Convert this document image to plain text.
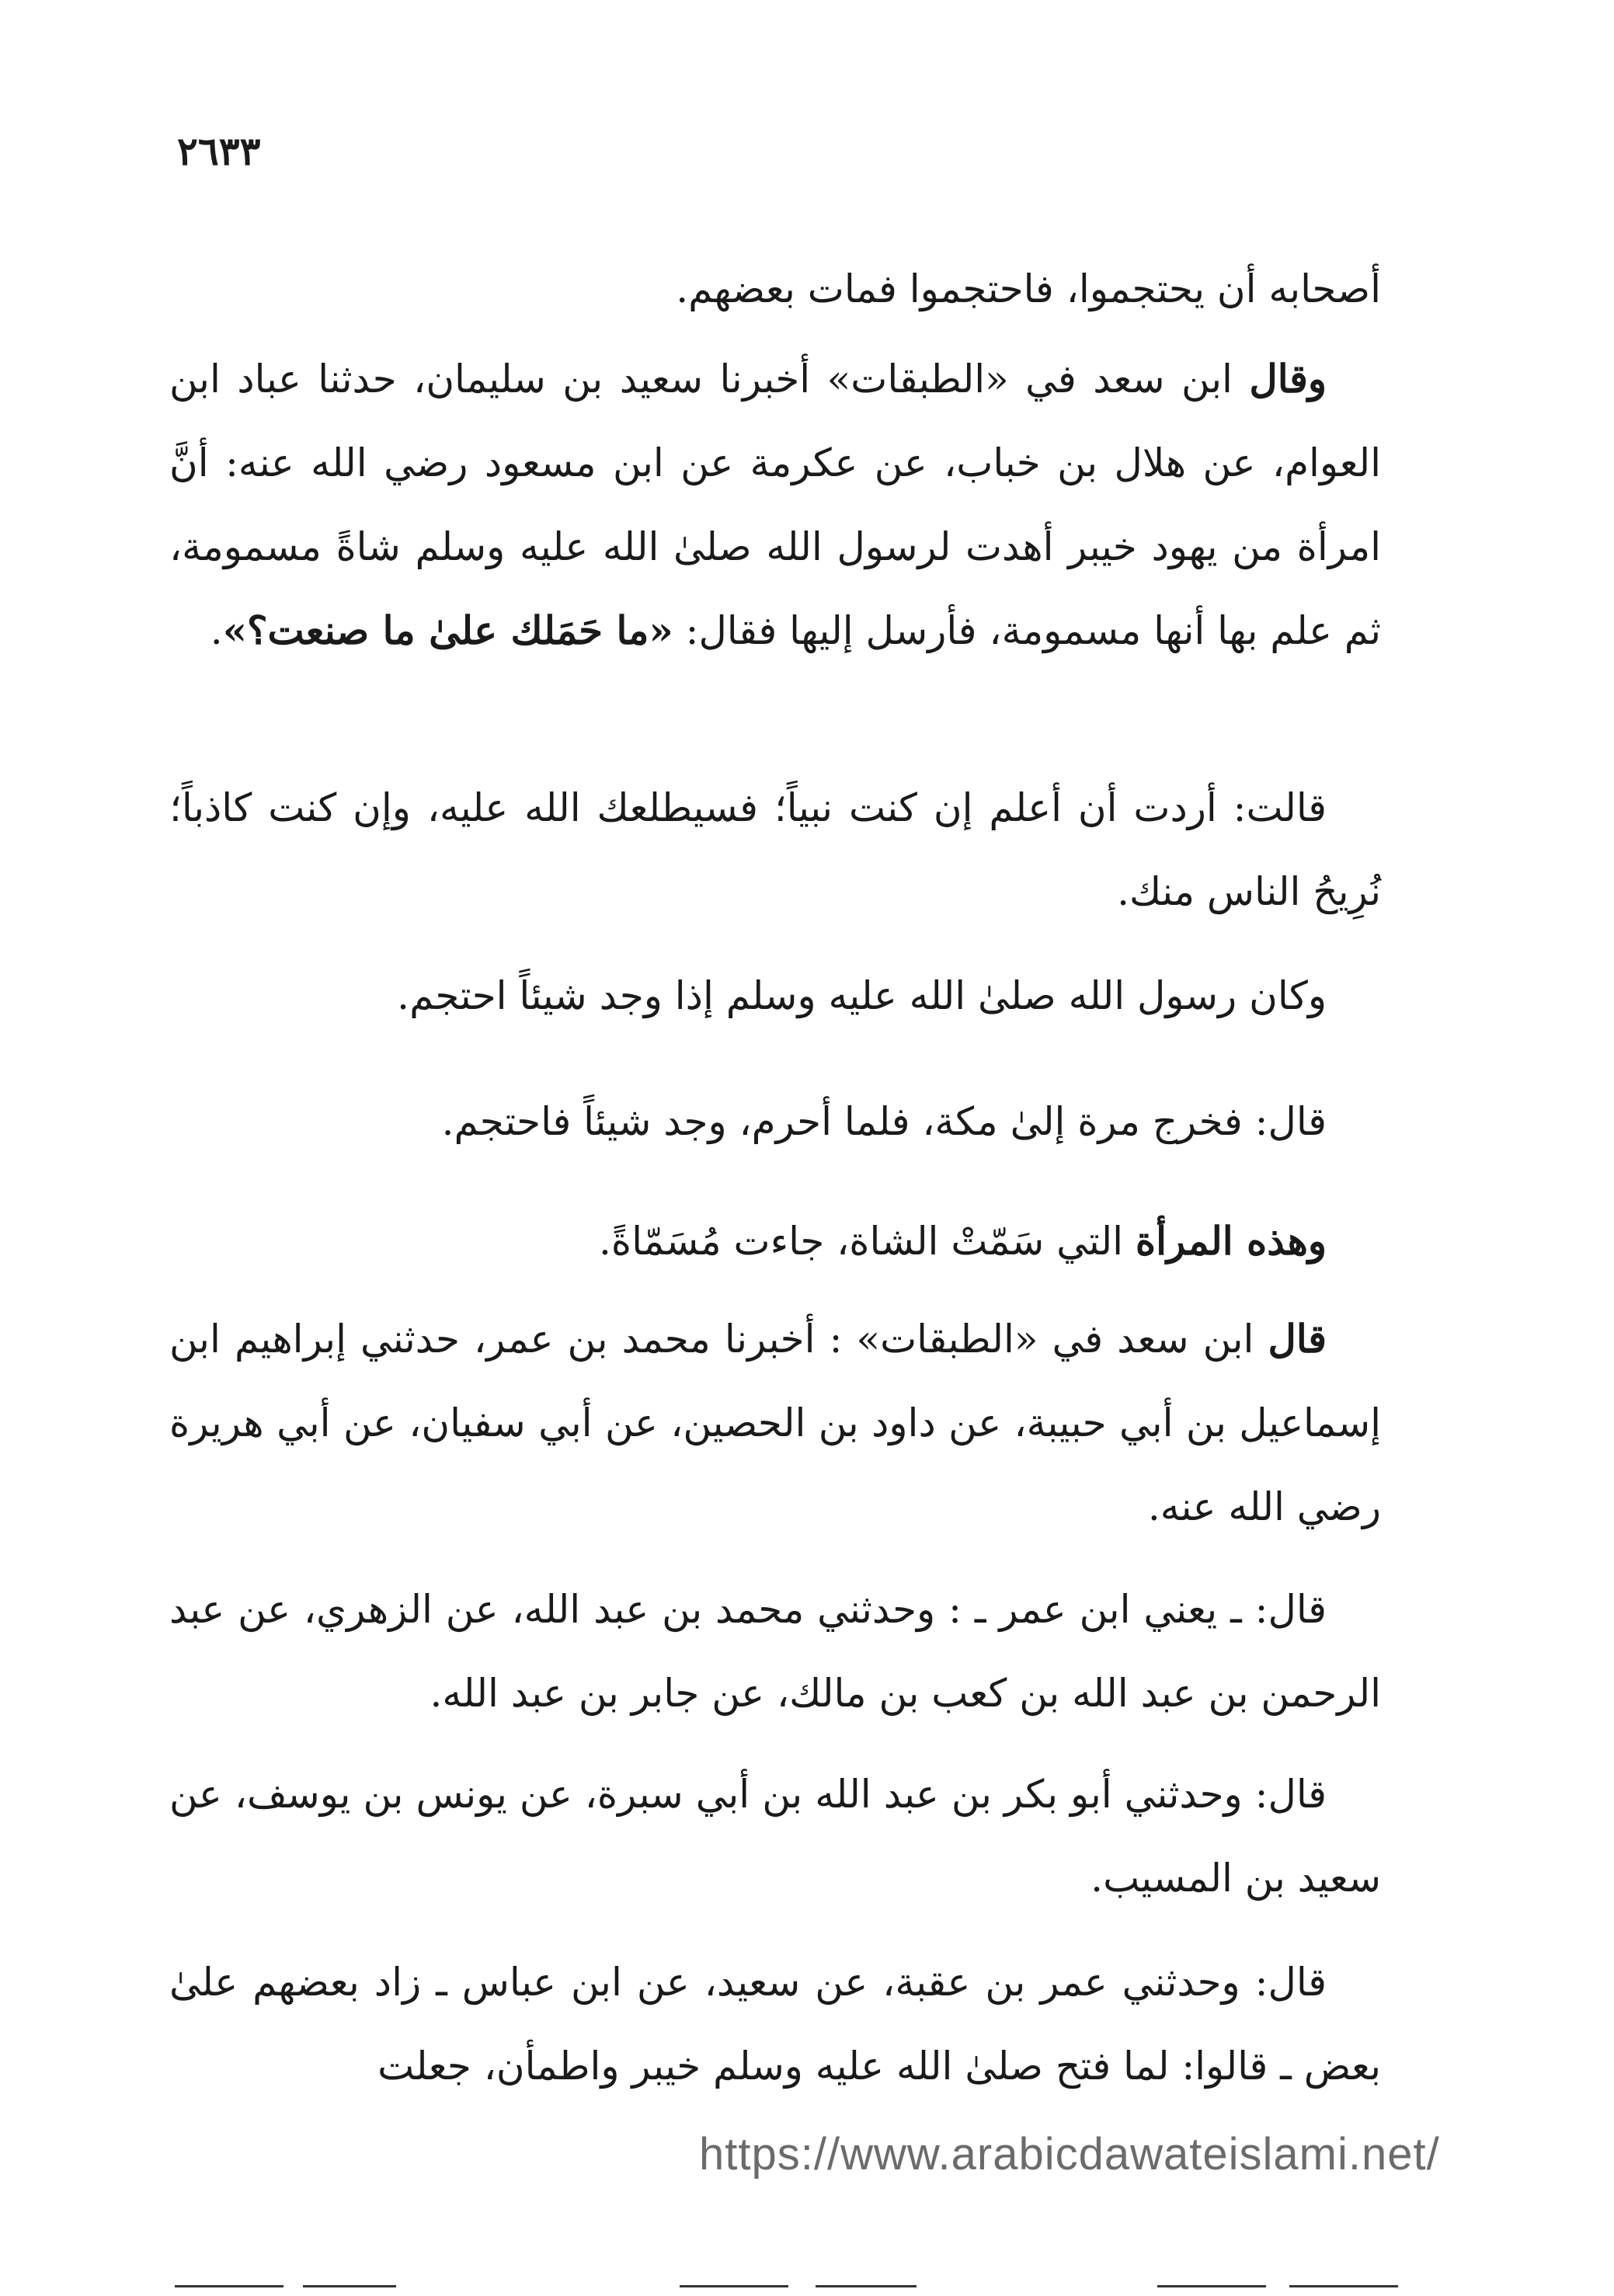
٢٦٣٣

أصحابه أن يحتجموا، فاحتجموا فمات بعضهم.

وقال ابن سعد في «الطبقات» أخبرنا سعيد بن سليمان، حدثنا عباد ابن العوام، عن هلال بن خباب، عن عكرمة عن ابن مسعود رضي الله عنه: أنَّ امرأة من يهود خيبر أهدت لرسول الله صلىٰ الله عليه وسلم شاةً مسمومة، ثم علم بها أنها مسمومة، فأرسل إليها فقال: «ما حَمَلك علىٰ ما صنعت؟».

قالت: أردت أن أعلم إن كنت نبياً؛ فسيطلعك الله عليه، وإن كنت كاذباً؛ نُرِيحُ الناس منك.

وكان رسول الله صلىٰ الله عليه وسلم إذا وجد شيئاً احتجم.

قال: فخرج مرة إلىٰ مكة، فلما أحرم، وجد شيئاً فاحتجم.

وهذه المرأة التي سَمّتْ الشاة، جاءت مُسَمّاةً.

قال ابن سعد في «الطبقات» : أخبرنا محمد بن عمر، حدثني إبراهيم ابن إسماعيل بن أبي حبيبة، عن داود بن الحصين، عن أبي سفيان، عن أبي هريرة رضي الله عنه.

قال: ـ يعني ابن عمر ـ : وحدثني محمد بن عبد الله، عن الزهري، عن عبد الرحمن بن عبد الله بن كعب بن مالك، عن جابر بن عبد الله.

قال: وحدثني أبو بكر بن عبد الله بن أبي سبرة، عن يونس بن يوسف، عن سعيد بن المسيب.

قال: وحدثني عمر بن عقبة، عن سعيد، عن ابن عباس ـ زاد بعضهم علىٰ بعض ـ قالوا: لما فتح صلىٰ الله عليه وسلم خيبر واطمأن، جعلت

https://www.arabicdawateislami.net/
